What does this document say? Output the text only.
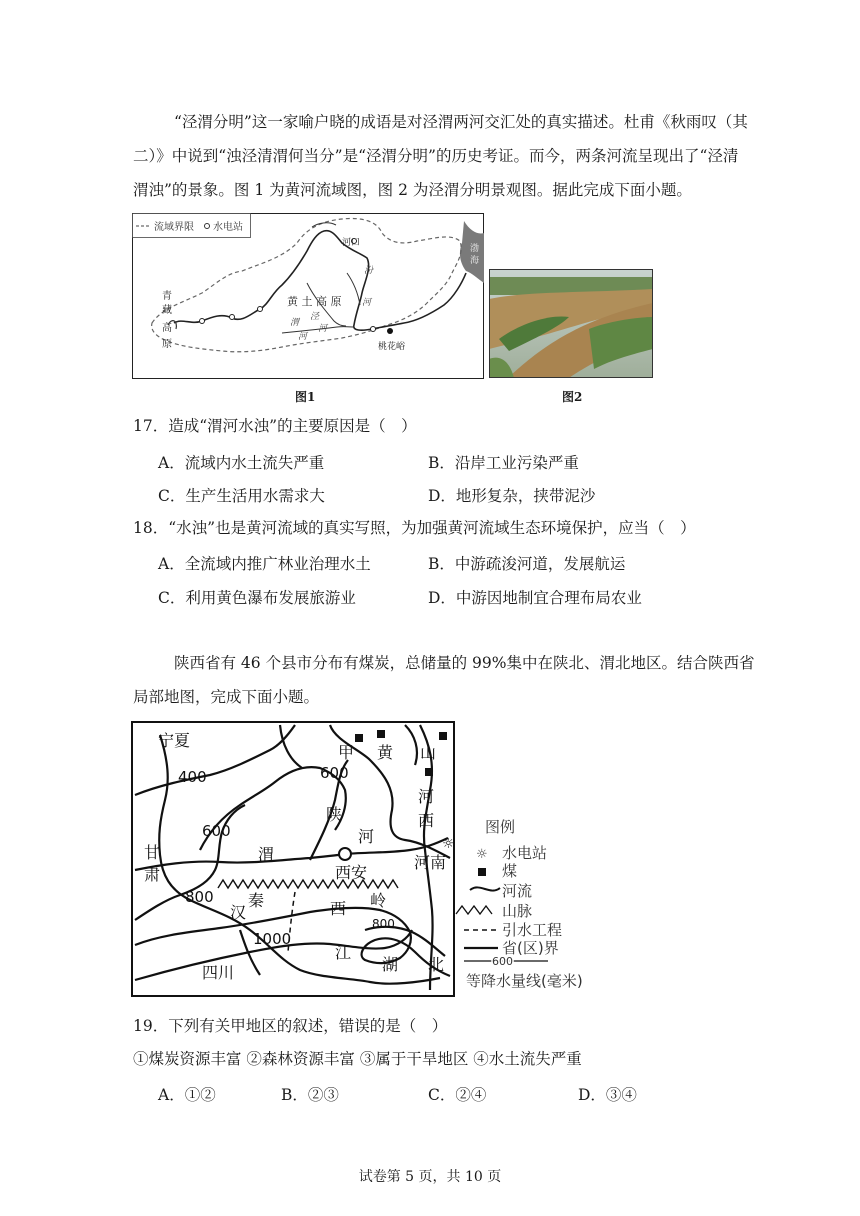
“泾渭分明”这一家喻户晓的成语是对泾渭两河交汇处的真实描述。杜甫《秋雨叹（其
二）》中说到“浊泾清渭何当分”是“泾渭分明”的历史考证。而今，两条河流呈现出了“泾清
渭浊”的景象。图 1 为黄河流域图，图 2 为泾渭分明景观图。据此完成下面小题。
流域界限 水电站
渤
海
青
藏
高
原
黄 土 高 原
泾
河
渭
河
汾
河
河口
桃花峪
图1	图2
17．造成“渭河水浊”的主要原因是（　）
A．流域内水土流失严重	B．沿岸工业污染严重
C．生产生活用水需求大	D．地形复杂，挟带泥沙
18．“水浊”也是黄河流域的真实写照，为加强黄河流域生态环境保护，应当（　）
A．全流域内推广林业治理水土	B．中游疏浚河道，发展航运
C．利用黄色瀑布发展旅游业	D．中游因地制宜合理布局农业
陕西省有 46 个县市分布有煤炭，总储量的 99%集中在陕北、渭北地区。结合陕西省
局部地图，完成下面小题。
☼
宁夏
甘
肃
甲 黄 山
河
西
河南
陕
河
渭
西安
汉
秦	西 岭
江
湖 北
四川
400	600
600
800
1000
800
图例
☼ 水电站
煤
河流
山脉
引水工程
省(区)界
600
等降水量线(毫米)
19．下列有关甲地区的叙述，错误的是（　）
①煤炭资源丰富 ②森林资源丰富 ③属于干旱地区 ④水土流失严重
A．①②	B．②③	C．②④	D．③④
试卷第 5 页，共 10 页
